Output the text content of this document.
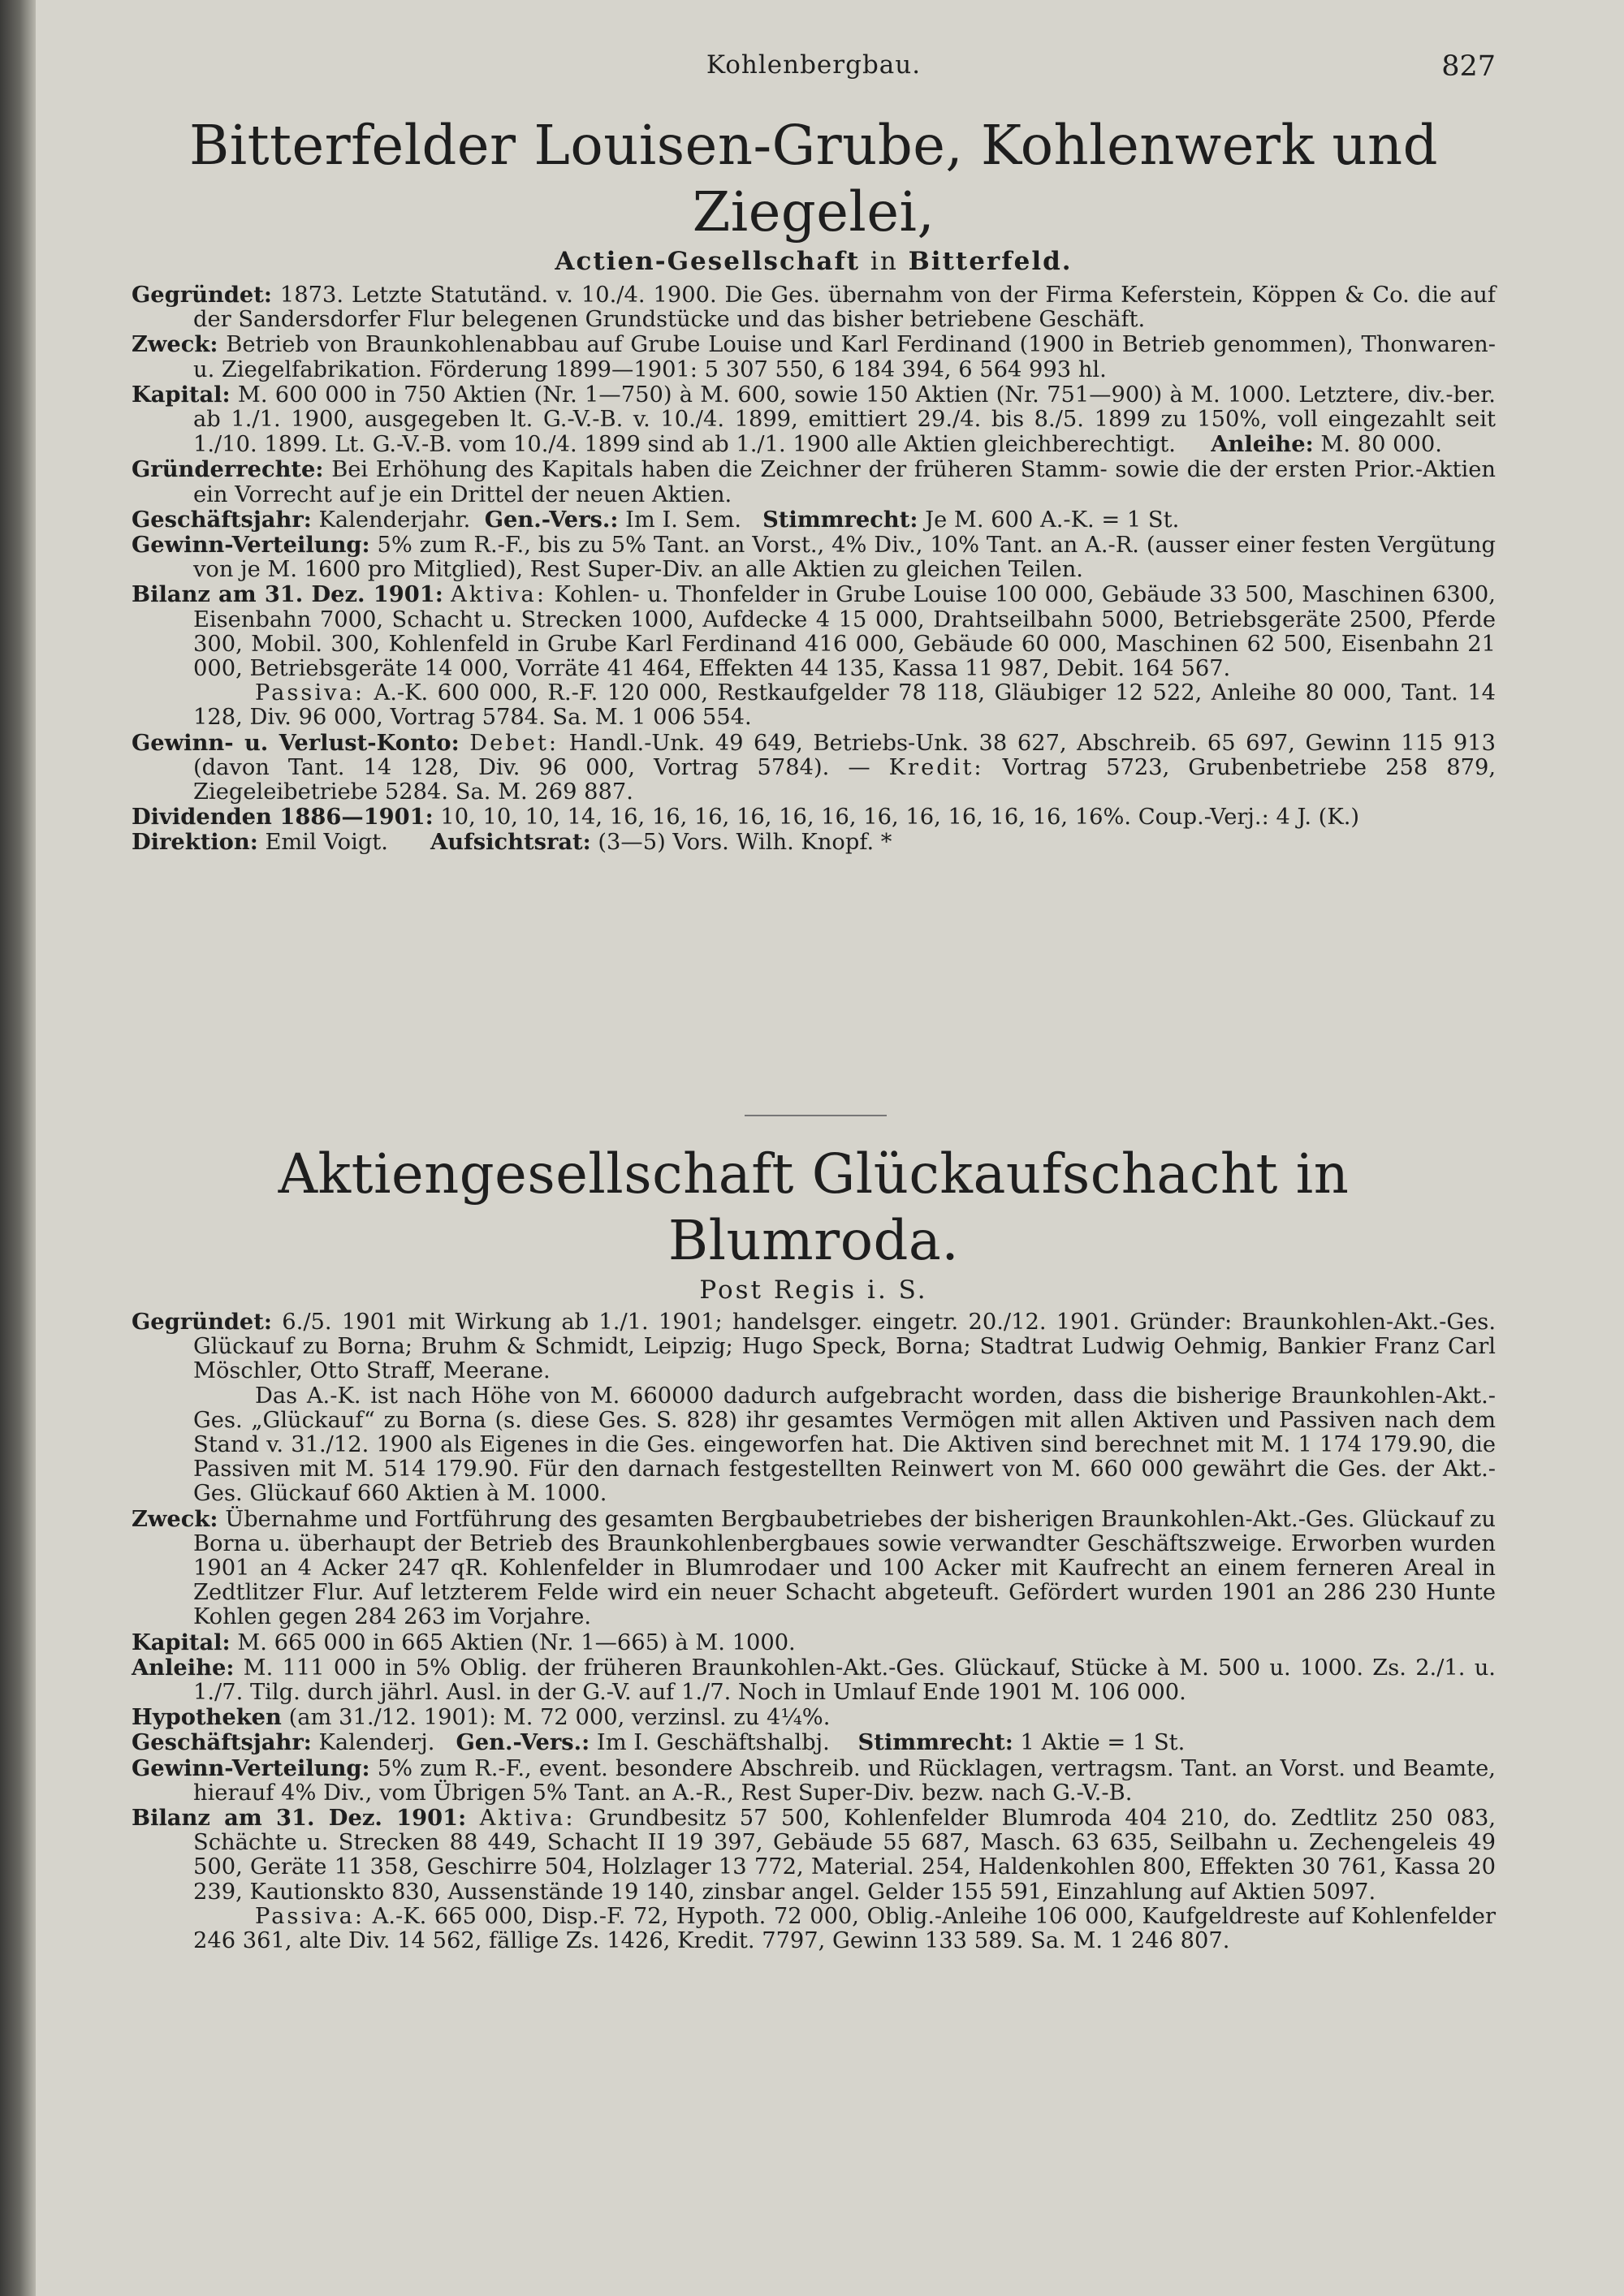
Kohlenbergbau.	827
Bitterfelder Louisen-Grube, Kohlenwerk und Ziegelei,
Actien-Gesellschaft in Bitterfeld.

Gegründet: 1873. Letzte Statutänd. v. 10./4. 1900. Die Ges. übernahm von der Firma Keferstein, Köppen & Co. die auf der Sandersdorfer Flur belegenen Grundstücke und das bisher betriebene Geschäft.

Zweck: Betrieb von Braunkohlenabbau auf Grube Louise und Karl Ferdinand (1900 in Betrieb genommen), Thonwaren- u. Ziegelfabrikation. Förderung 1899—1901: 5 307 550, 6 184 394, 6 564 993 hl.

Kapital: M. 600 000 in 750 Aktien (Nr. 1—750) à M. 600, sowie 150 Aktien (Nr. 751—900) à M. 1000. Letztere, div.-ber. ab 1./1. 1900, ausgegeben lt. G.-V.-B. v. 10./4. 1899, emittiert 29./4. bis 8./5. 1899 zu 150%, voll eingezahlt seit 1./10. 1899. Lt. G.-V.-B. vom 10./4. 1899 sind ab 1./1. 1900 alle Aktien gleichberechtigt. Anleihe: M. 80 000.

Gründerrechte: Bei Erhöhung des Kapitals haben die Zeichner der früheren Stamm- sowie die der ersten Prior.-Aktien ein Vorrecht auf je ein Drittel der neuen Aktien.

Geschäftsjahr: Kalenderjahr. Gen.-Vers.: Im I. Sem. Stimmrecht: Je M. 600 A.-K. = 1 St.

Gewinn-Verteilung: 5% zum R.-F., bis zu 5% Tant. an Vorst., 4% Div., 10% Tant. an A.-R. (ausser einer festen Vergütung von je M. 1600 pro Mitglied), Rest Super-Div. an alle Aktien zu gleichen Teilen.

Bilanz am 31. Dez. 1901: Aktiva: Kohlen- u. Thonfelder in Grube Louise 100 000, Gebäude 33 500, Maschinen 6300, Eisenbahn 7000, Schacht u. Strecken 1000, Aufdecke 4 15 000, Drahtseilbahn 5000, Betriebsgeräte 2500, Pferde 300, Mobil. 300, Kohlenfeld in Grube Karl Ferdinand 416 000, Gebäude 60 000, Maschinen 62 500, Eisenbahn 21 000, Betriebsgeräte 14 000, Vorräte 41 464, Effekten 44 135, Kassa 11 987, Debit. 164 567.

Passiva: A.-K. 600 000, R.-F. 120 000, Restkaufgelder 78 118, Gläubiger 12 522, Anleihe 80 000, Tant. 14 128, Div. 96 000, Vortrag 5784. Sa. M. 1 006 554.

Gewinn- u. Verlust-Konto: Debet: Handl.-Unk. 49 649, Betriebs-Unk. 38 627, Abschreib. 65 697, Gewinn 115 913 (davon Tant. 14 128, Div. 96 000, Vortrag 5784). — Kredit: Vortrag 5723, Grubenbetriebe 258 879, Ziegeleibetriebe 5284. Sa. M. 269 887.

Dividenden 1886—1901: 10, 10, 10, 14, 16, 16, 16, 16, 16, 16, 16, 16, 16, 16, 16, 16%. Coup.-Verj.: 4 J. (K.)

Direktion: Emil Voigt. Aufsichtsrat: (3—5) Vors. Wilh. Knopf. *

Aktiengesellschaft Glückaufschacht in Blumroda.
Post Regis i. S.

Gegründet: 6./5. 1901 mit Wirkung ab 1./1. 1901; handelsger. eingetr. 20./12. 1901. Gründer: Braunkohlen-Akt.-Ges. Glückauf zu Borna; Bruhm & Schmidt, Leipzig; Hugo Speck, Borna; Stadtrat Ludwig Oehmig, Bankier Franz Carl Möschler, Otto Straff, Meerane.

Das A.-K. ist nach Höhe von M. 660000 dadurch aufgebracht worden, dass die bisherige Braunkohlen-Akt.-Ges. „Glückauf“ zu Borna (s. diese Ges. S. 828) ihr gesamtes Vermögen mit allen Aktiven und Passiven nach dem Stand v. 31./12. 1900 als Eigenes in die Ges. eingeworfen hat. Die Aktiven sind berechnet mit M. 1 174 179.90, die Passiven mit M. 514 179.90. Für den darnach festgestellten Reinwert von M. 660 000 gewährt die Ges. der Akt.-Ges. Glückauf 660 Aktien à M. 1000.

Zweck: Übernahme und Fortführung des gesamten Bergbaubetriebes der bisherigen Braunkohlen-Akt.-Ges. Glückauf zu Borna u. überhaupt der Betrieb des Braunkohlenbergbaues sowie verwandter Geschäftszweige. Erworben wurden 1901 an 4 Acker 247 qR. Kohlenfelder in Blumrodaer und 100 Acker mit Kaufrecht an einem ferneren Areal in Zedtlitzer Flur. Auf letzterem Felde wird ein neuer Schacht abgeteuft. Gefördert wurden 1901 an 286 230 Hunte Kohlen gegen 284 263 im Vorjahre.

Kapital: M. 665 000 in 665 Aktien (Nr. 1—665) à M. 1000.

Anleihe: M. 111 000 in 5% Oblig. der früheren Braunkohlen-Akt.-Ges. Glückauf, Stücke à M. 500 u. 1000. Zs. 2./1. u. 1./7. Tilg. durch jährl. Ausl. in der G.-V. auf 1./7. Noch in Umlauf Ende 1901 M. 106 000.

Hypotheken (am 31./12. 1901): M. 72 000, verzinsl. zu 4¼%.

Geschäftsjahr: Kalenderj. Gen.-Vers.: Im I. Geschäftshalbj. Stimmrecht: 1 Aktie = 1 St.

Gewinn-Verteilung: 5% zum R.-F., event. besondere Abschreib. und Rücklagen, vertragsm. Tant. an Vorst. und Beamte, hierauf 4% Div., vom Übrigen 5% Tant. an A.-R., Rest Super-Div. bezw. nach G.-V.-B.

Bilanz am 31. Dez. 1901: Aktiva: Grundbesitz 57 500, Kohlenfelder Blumroda 404 210, do. Zedtlitz 250 083, Schächte u. Strecken 88 449, Schacht II 19 397, Gebäude 55 687, Masch. 63 635, Seilbahn u. Zechengeleis 49 500, Geräte 11 358, Geschirre 504, Holzlager 13 772, Material. 254, Haldenkohlen 800, Effekten 30 761, Kassa 20 239, Kautionskto 830, Aussenstände 19 140, zinsbar angel. Gelder 155 591, Einzahlung auf Aktien 5097.

Passiva: A.-K. 665 000, Disp.-F. 72, Hypoth. 72 000, Oblig.-Anleihe 106 000, Kaufgeldreste auf Kohlenfelder 246 361, alte Div. 14 562, fällige Zs. 1426, Kredit. 7797, Gewinn 133 589. Sa. M. 1 246 807.
